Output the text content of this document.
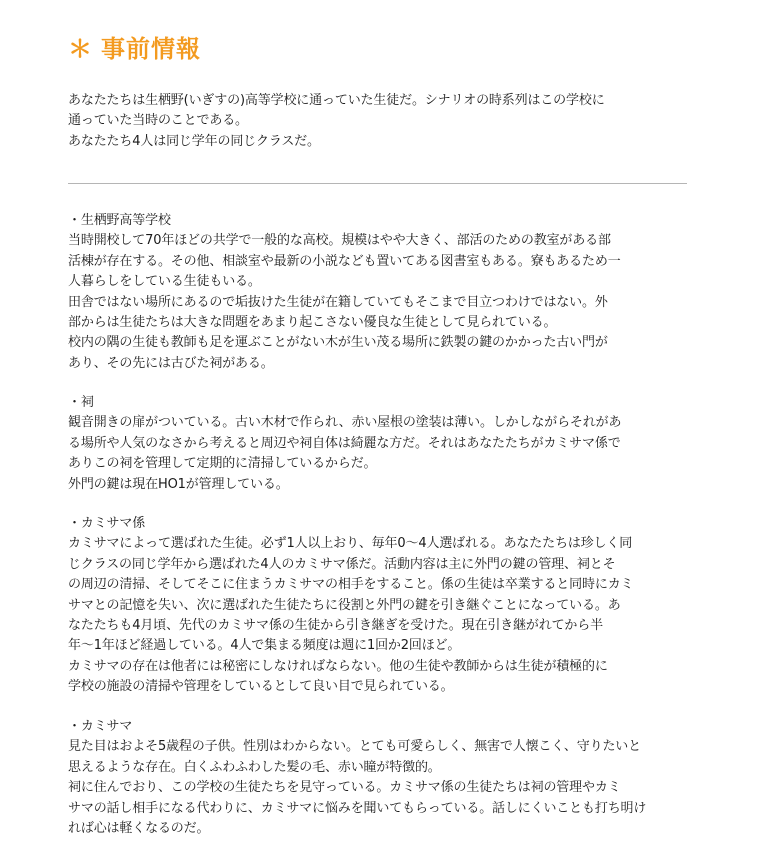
＊ 事前情報
あなたたちは生栖野(いぎすの)高等学校に通っていた生徒だ。シナリオの時系列はこの学校に
通っていた当時のことである。
あなたたち4人は同じ学年の同じクラスだ。
・生栖野高等学校
当時開校して70年ほどの共学で一般的な高校。規模はやや大きく、部活のための教室がある部
活棟が存在する。その他、相談室や最新の小説なども置いてある図書室もある。寮もあるため一
人暮らしをしている生徒もいる。
田舎ではない場所にあるので垢抜けた生徒が在籍していてもそこまで目立つわけではない。外
部からは生徒たちは大きな問題をあまり起こさない優良な生徒として見られている。
校内の隅の生徒も教師も足を運ぶことがない木が生い茂る場所に鉄製の鍵のかかった古い門が
あり、その先には古びた祠がある。
・祠
観音開きの扉がついている。古い木材で作られ、赤い屋根の塗装は薄い。しかしながらそれがあ
る場所や人気のなさから考えると周辺や祠自体は綺麗な方だ。それはあなたたちがカミサマ係で
ありこの祠を管理して定期的に清掃しているからだ。
外門の鍵は現在HO1が管理している。
・カミサマ係
カミサマによって選ばれた生徒。必ず1人以上おり、毎年0～4人選ばれる。あなたたちは珍しく同
じクラスの同じ学年から選ばれた4人のカミサマ係だ。活動内容は主に外門の鍵の管理、祠とそ
の周辺の清掃、そしてそこに住まうカミサマの相手をすること。係の生徒は卒業すると同時にカミ
サマとの記憶を失い、次に選ばれた生徒たちに役割と外門の鍵を引き継ぐことになっている。あ
なたたちも4月頃、先代のカミサマ係の生徒から引き継ぎを受けた。現在引き継がれてから半
年～1年ほど経過している。4人で集まる頻度は週に1回か2回ほど。
カミサマの存在は他者には秘密にしなければならない。他の生徒や教師からは生徒が積極的に
学校の施設の清掃や管理をしているとして良い目で見られている。
・カミサマ
見た目はおよそ5歳程の子供。性別はわからない。とても可愛らしく、無害で人懐こく、守りたいと
思えるような存在。白くふわふわした髪の毛、赤い瞳が特徴的。
祠に住んでおり、この学校の生徒たちを見守っている。カミサマ係の生徒たちは祠の管理やカミ
サマの話し相手になる代わりに、カミサマに悩みを聞いてもらっている。話しにくいことも打ち明け
れば心は軽くなるのだ。
